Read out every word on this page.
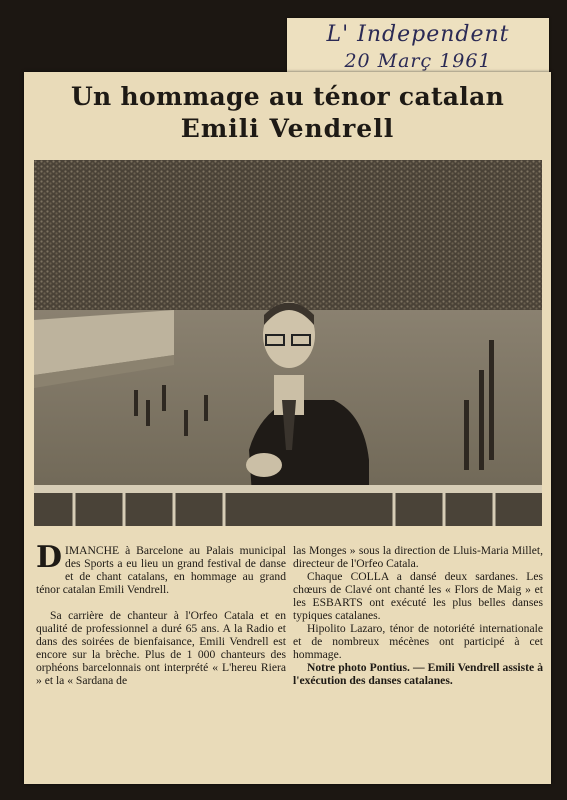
L' Independent
20 Març 1961
Un hommage au ténor catalan
Emili Vendrell

DIMANCHE à Barcelone au Palais municipal des Sports a eu lieu un grand festival de danse et de chant catalans, en hommage au grand ténor catalan Emili Vendrell.

Sa carrière de chanteur à l'Orfeo Catala et en qualité de professionnel a duré 65 ans. A la Radio et dans des soirées de bienfaisance, Emili Vendrell est encore sur la brèche. Plus de 1 000 chanteurs des orphéons barcelonnais ont interprété « L'hereu Riera » et la « Sardana de

las Monges » sous la direction de Lluis-Maria Millet, directeur de l'Orfeo Catala.

Chaque COLLA a dansé deux sardanes. Les chœurs de Clavé ont chanté les « Flors de Maig » et les ESBARTS ont exécuté les plus belles danses typiques catalanes.

Hipolito Lazaro, ténor de notoriété internationale et de nombreux mécènes ont participé à cet hommage.

Notre photo Pontius. — Emili Vendrell assiste à l'exécution des danses catalanes.
